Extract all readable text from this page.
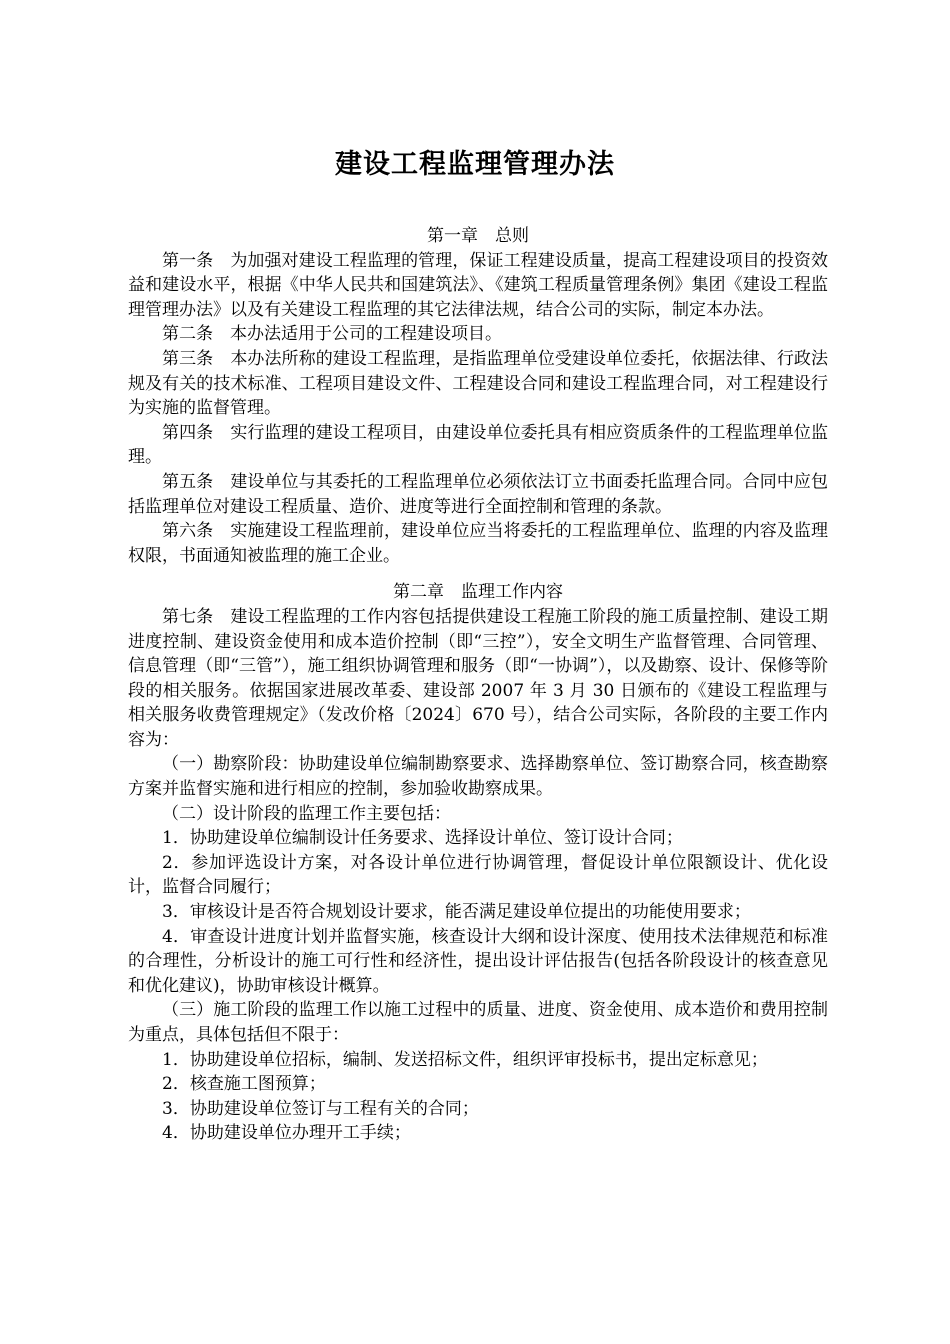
建设工程监理管理办法

第一章　总则

第一条　为加强对建设工程监理的管理，保证工程建设质量，提高工程建设项目的投资效益和建设水平，根据《中华人民共和国建筑法》、《建筑工程质量管理条例》集团《建设工程监理管理办法》以及有关建设工程监理的其它法律法规，结合公司的实际，制定本办法。

第二条　本办法适用于公司的工程建设项目。

第三条　本办法所称的建设工程监理，是指监理单位受建设单位委托，依据法律、行政法规及有关的技术标准、工程项目建设文件、工程建设合同和建设工程监理合同，对工程建设行为实施的监督管理。

第四条　实行监理的建设工程项目，由建设单位委托具有相应资质条件的工程监理单位监理。

第五条　建设单位与其委托的工程监理单位必须依法订立书面委托监理合同。合同中应包括监理单位对建设工程质量、造价、进度等进行全面控制和管理的条款。

第六条　实施建设工程监理前，建设单位应当将委托的工程监理单位、监理的内容及监理权限，书面通知被监理的施工企业。

第二章　监理工作内容

第七条　建设工程监理的工作内容包括提供建设工程施工阶段的施工质量控制、建设工期进度控制、建设资金使用和成本造价控制（即“三控”），安全文明生产监督管理、合同管理、信息管理（即“三管”），施工组织协调管理和服务（即“一协调”），以及勘察、设计、保修等阶段的相关服务。依据国家进展改革委、建设部 2007 年 3 月 30 日颁布的《建设工程监理与相关服务收费管理规定》（发改价格〔2024〕670 号），结合公司实际，各阶段的主要工作内容为：

（一）勘察阶段：协助建设单位编制勘察要求、选择勘察单位、签订勘察合同，核查勘察方案并监督实施和进行相应的控制，参加验收勘察成果。

（二）设计阶段的监理工作主要包括：

1．协助建设单位编制设计任务要求、选择设计单位、签订设计合同；

2．参加评选设计方案，对各设计单位进行协调管理，督促设计单位限额设计、优化设计，监督合同履行；

3．审核设计是否符合规划设计要求，能否满足建设单位提出的功能使用要求；

4．审查设计进度计划并监督实施，核查设计大纲和设计深度、使用技术法律规范和标准的合理性，分析设计的施工可行性和经济性，提出设计评估报告(包括各阶段设计的核查意见和优化建议)，协助审核设计概算。

（三）施工阶段的监理工作以施工过程中的质量、进度、资金使用、成本造价和费用控制为重点，具体包括但不限于：

1．协助建设单位招标，编制、发送招标文件，组织评审投标书，提出定标意见；

2．核查施工图预算；

3．协助建设单位签订与工程有关的合同；

4．协助建设单位办理开工手续；
